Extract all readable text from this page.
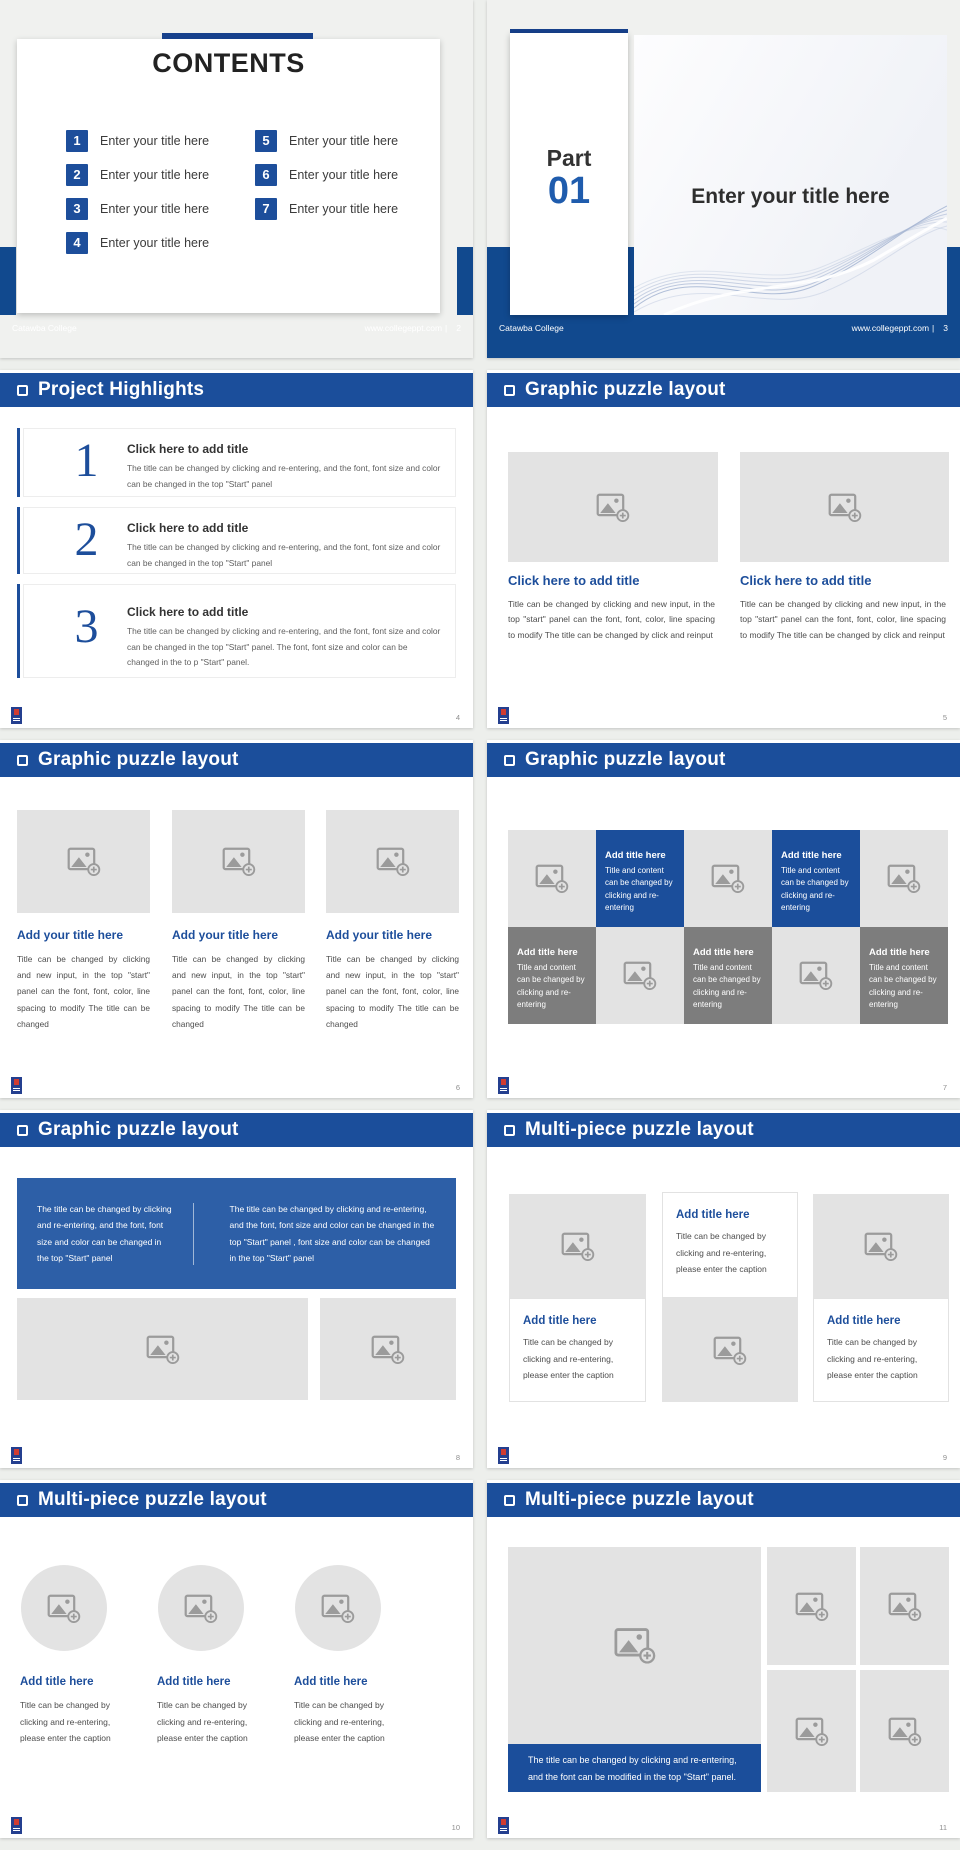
CONTENTS
1	Enter your title here
2	Enter your title here
3	Enter your title here
4	Enter your title here
5	Enter your title here
6	Enter your title here
7	Enter your title here
Catawba College	www.collegeppt.com | 2
Enter your title here
Part
01
Catawba College	www.collegeppt.com | 3
Project Highlights
1	Click here to add title
The title can be changed by clicking and re-entering, and the font, font size and color can be changed in the top "Start" panel
2	Click here to add title
The title can be changed by clicking and re-entering, and the font, font size and color can be changed in the top "Start" panel
3	Click here to add title
The title can be changed by clicking and re-entering, and the font, font size and color can be changed in the top "Start" panel. The font, font size and color can be changed in the to p "Start" panel.
4
Graphic puzzle layout
Click here to add title
Title can be changed by clicking and new input, in the top "start" panel can the font, font, color, line spacing to modify The title can be changed by click and reinput
Click here to add title
Title can be changed by clicking and new input, in the top "start" panel can the font, font, color, line spacing to modify The title can be changed by click and reinput
5
Graphic puzzle layout
Add your title here
Title can be changed by clicking and new input, in the top "start" panel can the font, font, color, line spacing to modify The title can be changed
Add your title here
Title can be changed by clicking and new input, in the top "start" panel can the font, font, color, line spacing to modify The title can be changed
Add your title here
Title can be changed by clicking and new input, in the top "start" panel can the font, font, color, line spacing to modify The title can be changed
6
Graphic puzzle layout
Add title here
Title and content can be changed by clicking and re-entering
Add title here
Title and content can be changed by clicking and re-entering
Add title here
Title and content can be changed by clicking and re-entering
Add title here
Title and content can be changed by clicking and re-entering
Add title here
Title and content can be changed by clicking and re-entering
7
Graphic puzzle layout
The title can be changed by clicking and re-entering, and the font, font size and color can be changed in the top "Start" panel
The title can be changed by clicking and re-entering, and the font, font size and color can be changed in the top "Start" panel , font size and color can be changed in the top "Start" panel
8
Multi-piece puzzle layout
Add title here
Title can be changed by clicking and re-entering, please enter the caption
Add title here
Title can be changed by clicking and re-entering, please enter the caption
Add title here
Title can be changed by clicking and re-entering, please enter the caption
9
Multi-piece puzzle layout
Add title here
Title can be changed by clicking and re-entering, please enter the caption
Add title here
Title can be changed by clicking and re-entering, please enter the caption
Add title here
Title can be changed by clicking and re-entering, please enter the caption
10
Multi-piece puzzle layout
The title can be changed by clicking and re-entering, and the font can be modified in the top "Start" panel.
11
